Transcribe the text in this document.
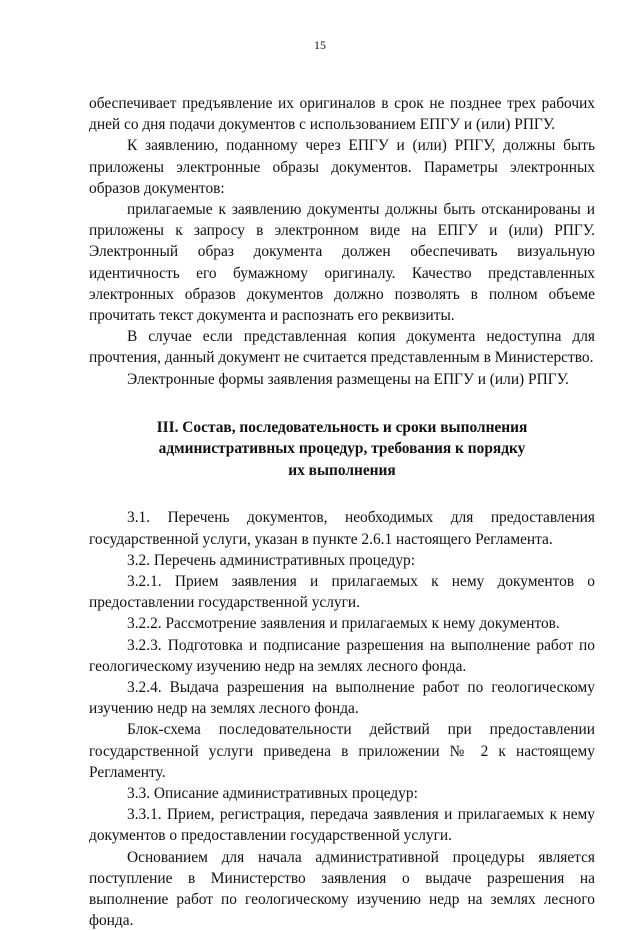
15

обеспечивает предъявление их оригиналов в срок не позднее трех рабочих дней со дня подачи документов с использованием ЕПГУ и (или) РПГУ.

К заявлению, поданному через ЕПГУ и (или) РПГУ, должны быть приложены электронные образы документов. Параметры электронных образов документов:

прилагаемые к заявлению документы должны быть отсканированы и приложены к запросу в электронном виде на ЕПГУ и (или) РПГУ. Электронный образ документа должен обеспечивать визуальную идентичность его бумажному оригиналу. Качество представленных электронных образов документов должно позволять в полном объеме прочитать текст документа и распознать его реквизиты.

В случае если представленная копия документа недоступна для прочтения, данный документ не считается представленным в Министерство.

Электронные формы заявления размещены на ЕПГУ и (или) РПГУ.

III. Состав, последовательность и сроки выполнения
административных процедур, требования к порядку
их выполнения

3.1. Перечень документов, необходимых для предоставления государственной услуги, указан в пункте 2.6.1 настоящего Регламента.

3.2. Перечень административных процедур:

3.2.1. Прием заявления и прилагаемых к нему документов о предоставлении государственной услуги.

3.2.2. Рассмотрение заявления и прилагаемых к нему документов.

3.2.3. Подготовка и подписание разрешения на выполнение работ по геологическому изучению недр на землях лесного фонда.

3.2.4. Выдача разрешения на выполнение работ по геологическому изучению недр на землях лесного фонда.

Блок-схема последовательности действий при предоставлении государственной услуги приведена в приложении № 2 к настоящему Регламенту.

3.3. Описание административных процедур:

3.3.1. Прием, регистрация, передача заявления и прилагаемых к нему документов о предоставлении государственной услуги.

Основанием для начала административной процедуры является поступление в Министерство заявления о выдаче разрешения на выполнение работ по геологическому изучению недр на землях лесного фонда.
